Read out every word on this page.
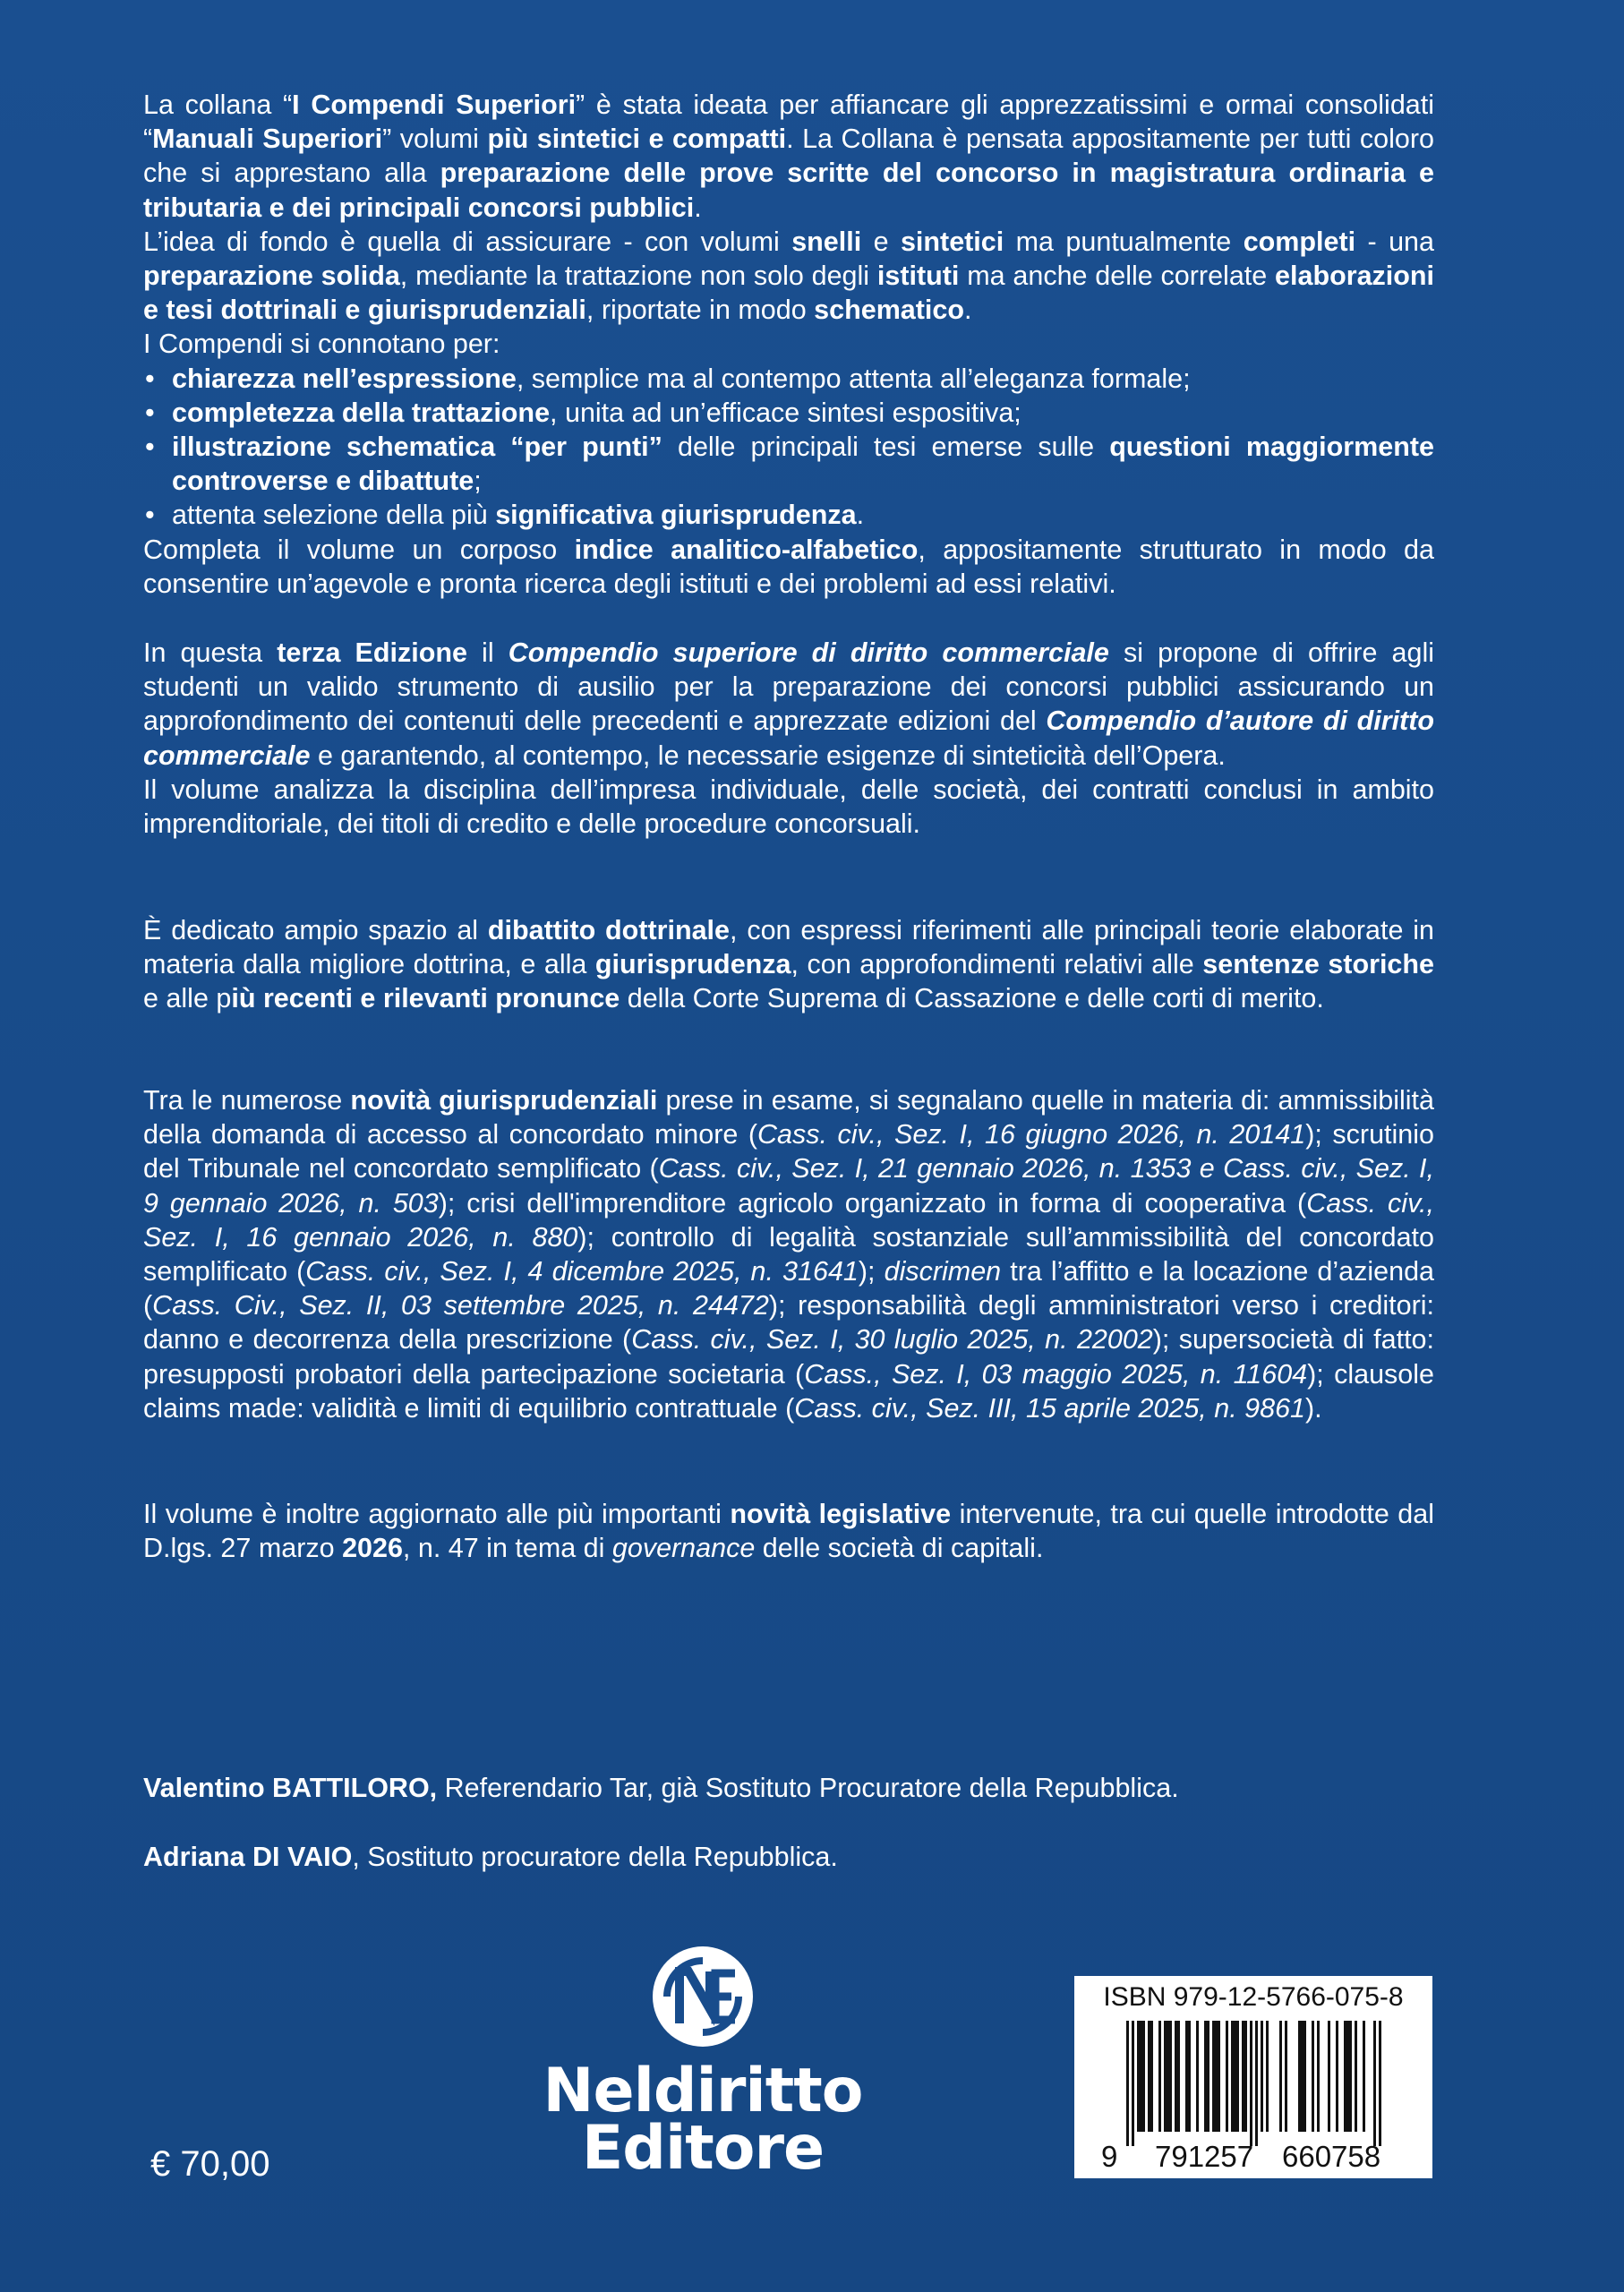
La collana “I Compendi Superiori” è stata ideata per affiancare gli apprezzatissimi e ormai consolidati “Manuali Superiori” volumi più sintetici e compatti. La Collana è pensata appositamente per tutti coloro che si apprestano alla preparazione delle prove scritte del concorso in magistratura ordinaria e tributaria e dei principali concorsi pubblici.

L’idea di fondo è quella di assicurare - con volumi snelli e sintetici ma puntualmente completi - una preparazione solida, mediante la trattazione non solo degli istituti ma anche delle correlate elaborazioni e tesi dottrinali e giurisprudenziali, riportate in modo schematico.

I Compendi si connotano per:

• chiarezza nell’espressione, semplice ma al contempo attenta all’eleganza formale;
• completezza della trattazione, unita ad un’efficace sintesi espositiva;
• illustrazione schematica “per punti” delle principali tesi emerse sulle questioni maggiormente controverse e dibattute;
• attenta selezione della più significativa giurisprudenza.

Completa il volume un corposo indice analitico-alfabetico, appositamente strutturato in modo da consentire un’agevole e pronta ricerca degli istituti e dei problemi ad essi relativi.

In questa terza Edizione il Compendio superiore di diritto commerciale si propone di offrire agli studenti un valido strumento di ausilio per la preparazione dei concorsi pubblici assicurando un approfondimento dei contenuti delle precedenti e apprezzate edizioni del Compendio d’autore di diritto commerciale e garantendo, al contempo, le necessarie esigenze di sinteticità dell’Opera.

Il volume analizza la disciplina dell’impresa individuale, delle società, dei contratti conclusi in ambito imprenditoriale, dei titoli di credito e delle procedure concorsuali.

È dedicato ampio spazio al dibattito dottrinale, con espressi riferimenti alle principali teorie elaborate in materia dalla migliore dottrina, e alla giurisprudenza, con approfondimenti relativi alle sentenze storiche e alle più recenti e rilevanti pronunce della Corte Suprema di Cassazione e delle corti di merito.

Tra le numerose novità giurisprudenziali prese in esame, si segnalano quelle in materia di: ammissibilità della domanda di accesso al concordato minore (Cass. civ., Sez. I, 16 giugno 2026, n. 20141); scrutinio del Tribunale nel concordato semplificato (Cass. civ., Sez. I, 21 gennaio 2026, n. 1353 e Cass. civ., Sez. I, 9 gennaio 2026, n. 503); crisi dell'imprenditore agricolo organizzato in forma di cooperativa (Cass. civ., Sez. I, 16 gennaio 2026, n. 880); controllo di legalità sostanziale sull’ammissibilità del concordato semplificato (Cass. civ., Sez. I, 4 dicembre 2025, n. 31641); discrimen tra l’affitto e la locazione d’azienda (Cass. Civ., Sez. II, 03 settembre 2025, n. 24472); responsabilità degli amministratori verso i creditori: danno e decorrenza della prescrizione (Cass. civ., Sez. I, 30 luglio 2025, n. 22002); supersocietà di fatto: presupposti probatori della partecipazione societaria (Cass., Sez. I, 03 maggio 2025, n. 11604); clausole claims made: validità e limiti di equilibrio contrattuale (Cass. civ., Sez. III, 15 aprile 2025, n. 9861).

Il volume è inoltre aggiornato alle più importanti novità legislative intervenute, tra cui quelle introdotte dal D.lgs. 27 marzo 2026, n. 47 in tema di governance delle società di capitali.

Valentino BATTILORO, Referendario Tar, già Sostituto Procuratore della Repubblica.
Adriana DI VAIO, Sostituto procuratore della Repubblica.
Neldiritto
Editore
€ 70,00
ISBN 979-12-5766-075-8
9 791257 660758
